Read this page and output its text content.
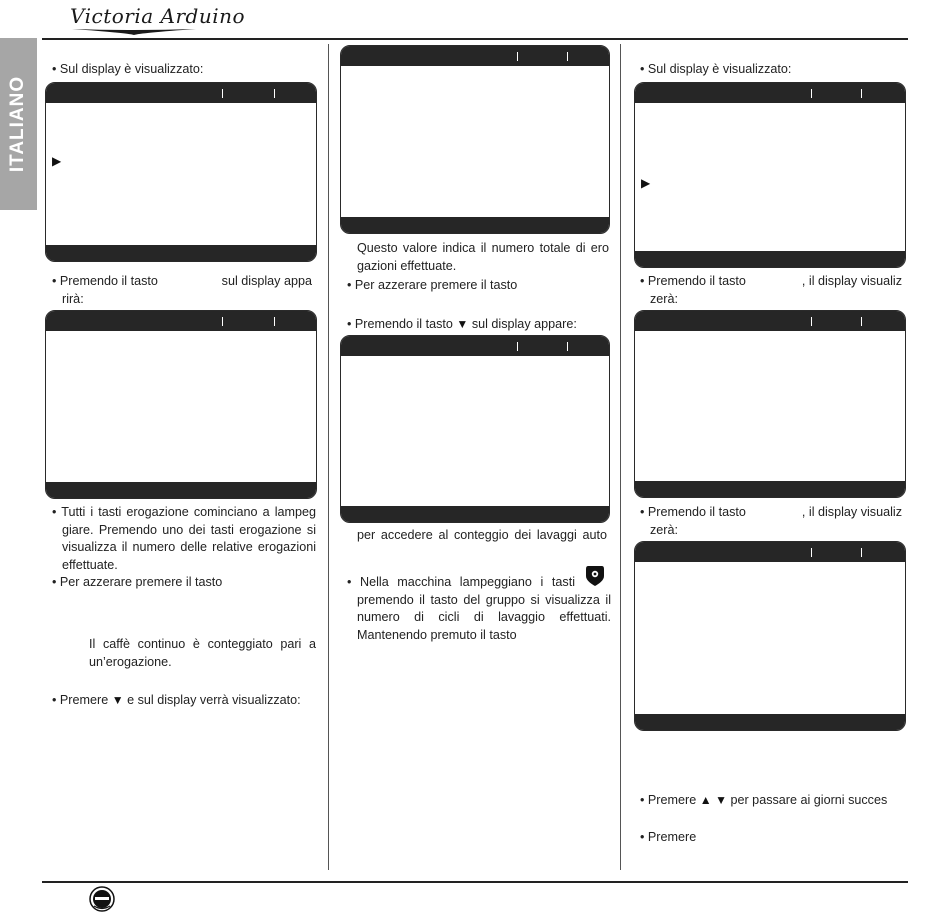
Victoria Arduino
ITALIANO
• Sul display è visualizzato:
▶
• Premendo il tasto	sul display appa
rirà:
• Tutti i tasti erogazione cominciano a lampeg
giare. Premendo uno dei tasti erogazione si
visualizza il numero delle relative erogazioni
effettuate.
• Per azzerare premere il tasto
Il caffè continuo è conteggiato pari a
un’erogazione.
• Premere ▼ e sul display verrà visualizzato:
Questo valore indica il numero totale di ero
gazioni effettuate.
• Per azzerare premere il tasto
• Premendo il tasto ▼ sul display appare:
per accedere al conteggio dei lavaggi auto
• Nella macchina lampeggiano i tasti
premendo il tasto del gruppo si visualizza il
numero di cicli di lavaggio effettuati.
Mantenendo premuto il tasto
• Sul display è visualizzato:
▶
• Premendo il tasto	, il display visualiz
zerà:
• Premendo il tasto	, il display visualiz
zerà:
• Premere ▲ ▼ per passare ai giorni succes
• Premere
